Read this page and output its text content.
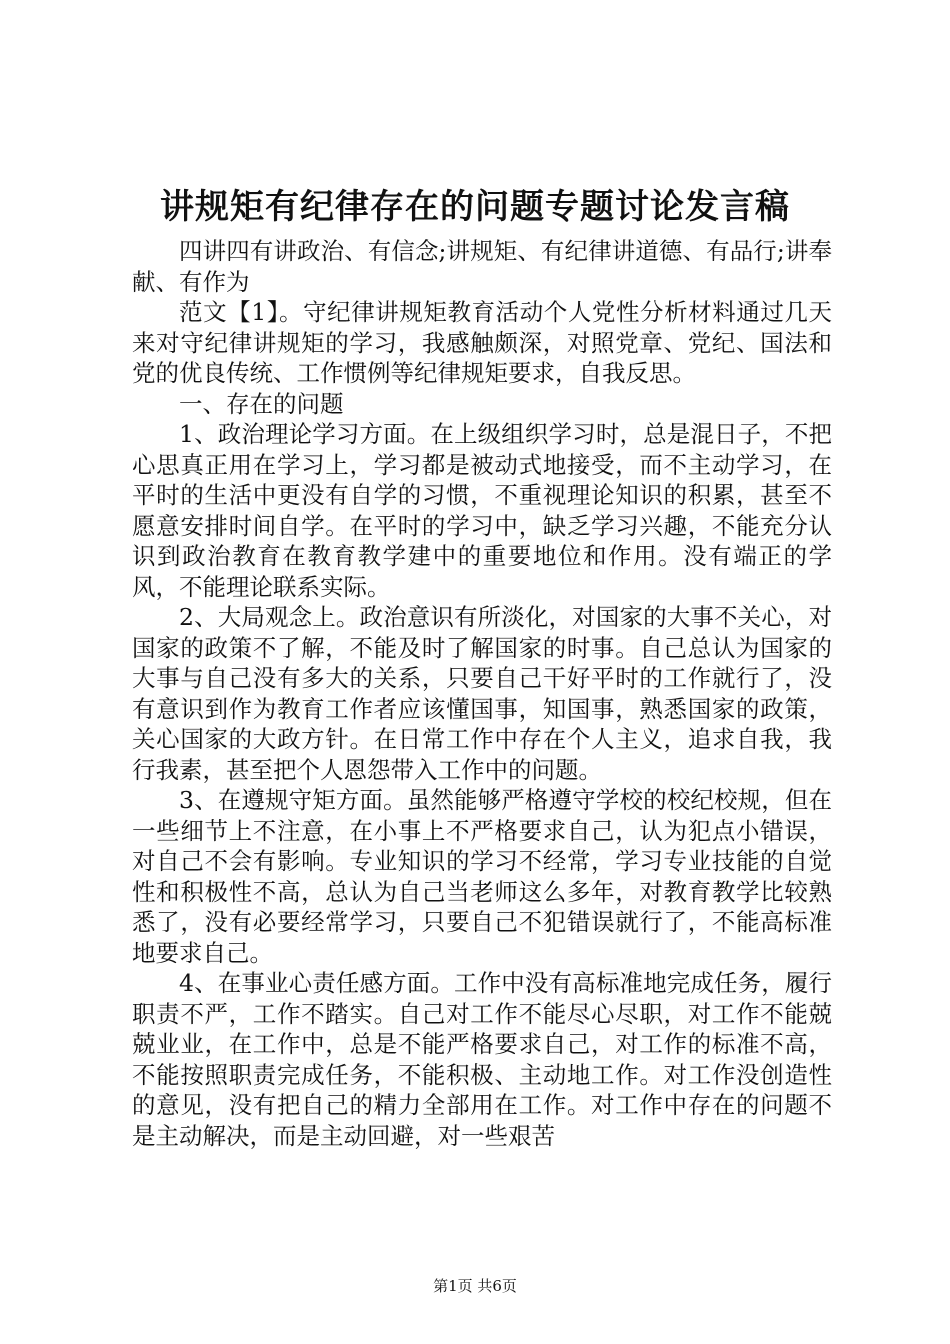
讲规矩有纪律存在的问题专题讨论发言稿

四讲四有讲政治、有信念;讲规矩、有纪律讲道德、有品行;讲奉献、有作为

范文【1】。守纪律讲规矩教育活动个人党性分析材料通过几天来对守纪律讲规矩的学习，我感触颇深，对照党章、党纪、国法和党的优良传统、工作惯例等纪律规矩要求，自我反思。

一、存在的问题

1、政治理论学习方面。在上级组织学习时，总是混日子，不把心思真正用在学习上，学习都是被动式地接受，而不主动学习，在平时的生活中更没有自学的习惯，不重视理论知识的积累，甚至不愿意安排时间自学。在平时的学习中，缺乏学习兴趣，不能充分认识到政治教育在教育教学建中的重要地位和作用。没有端正的学风，不能理论联系实际。

2、大局观念上。政治意识有所淡化，对国家的大事不关心，对国家的政策不了解，不能及时了解国家的时事。自己总认为国家的大事与自己没有多大的关系，只要自己干好平时的工作就行了，没有意识到作为教育工作者应该懂国事，知国事，熟悉国家的政策，关心国家的大政方针。在日常工作中存在个人主义，追求自我，我行我素，甚至把个人恩怨带入工作中的问题。

3、在遵规守矩方面。虽然能够严格遵守学校的校纪校规，但在一些细节上不注意，在小事上不严格要求自己，认为犯点小错误，对自己不会有影响。专业知识的学习不经常，学习专业技能的自觉性和积极性不高，总认为自己当老师这么多年，对教育教学比较熟悉了，没有必要经常学习，只要自己不犯错误就行了，不能高标准地要求自己。

4、在事业心责任感方面。工作中没有高标准地完成任务，履行职责不严，工作不踏实。自己对工作不能尽心尽职，对工作不能兢兢业业，在工作中，总是不能严格要求自己，对工作的标准不高，不能按照职责完成任务，不能积极、主动地工作。对工作没创造性的意见，没有把自己的精力全部用在工作。对工作中存在的问题不是主动解决，而是主动回避，对一些艰苦

第1页 共6页
